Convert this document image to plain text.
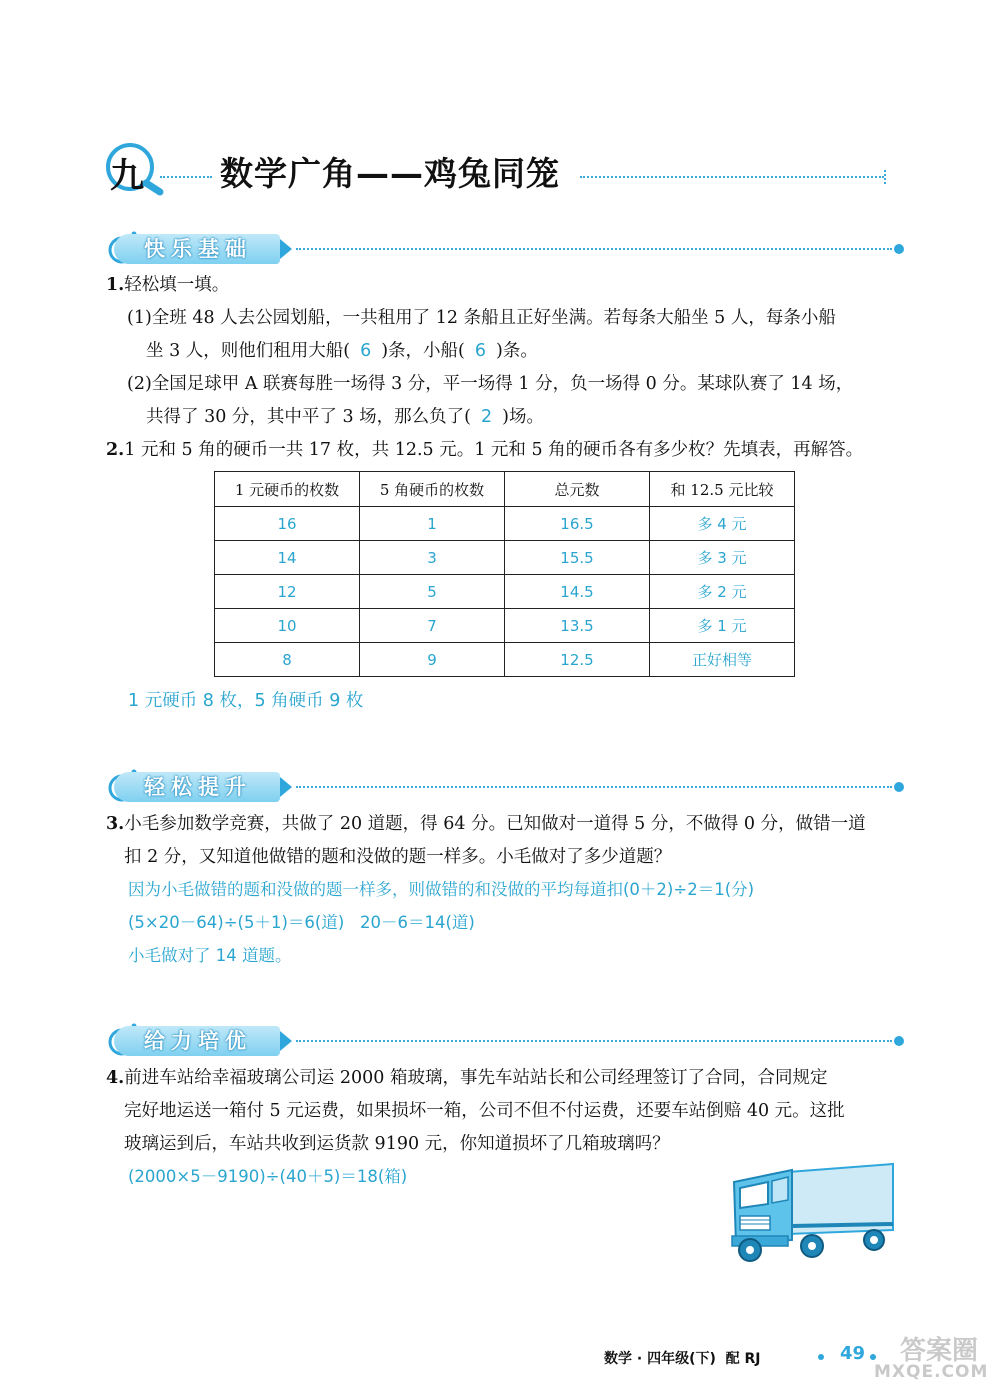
九 数学广角——鸡兔同笼
快乐基础
1.轻松填一填。
(1)全班 48 人去公园划船，一共租用了 12 条船且正好坐满。若每条大船坐 5 人，每条小船
坐 3 人，则他们租用大船( 6 )条，小船( 6 )条。
(2)全国足球甲 A 联赛每胜一场得 3 分，平一场得 1 分，负一场得 0 分。某球队赛了 14 场，
共得了 30 分，其中平了 3 场，那么负了( 2 )场。
2.1 元和 5 角的硬币一共 17 枚，共 12.5 元。1 元和 5 角的硬币各有多少枚？先填表，再解答。
1 元硬币的枚数	5 角硬币的枚数	总元数	和 12.5 元比较
16	1	16.5	多 4 元
14	3	15.5	多 3 元
12	5	14.5	多 2 元
10	7	13.5	多 1 元
8	9	12.5	正好相等
1 元硬币 8 枚，5 角硬币 9 枚
轻松提升
3.小毛参加数学竞赛，共做了 20 道题，得 64 分。已知做对一道得 5 分，不做得 0 分，做错一道
扣 2 分，又知道他做错的题和没做的题一样多。小毛做对了多少道题？
因为小毛做错的题和没做的题一样多，则做错的和没做的平均每道扣(0＋2)÷2＝1(分)
(5×20－64)÷(5＋1)＝6(道)   20－6＝14(道)
小毛做对了 14 道题。
给力培优
4.前进车站给幸福玻璃公司运 2000 箱玻璃，事先车站站长和公司经理签订了合同，合同规定
完好地运送一箱付 5 元运费，如果损坏一箱，公司不但不付运费，还要车站倒赔 40 元。这批
玻璃运到后，车站共收到运货款 9190 元，你知道损坏了几箱玻璃吗？
(2000×5－9190)÷(40＋5)＝18(箱)
数学 · 四年级(下)  配 RJ	49 答案圈
MXQE.COM
